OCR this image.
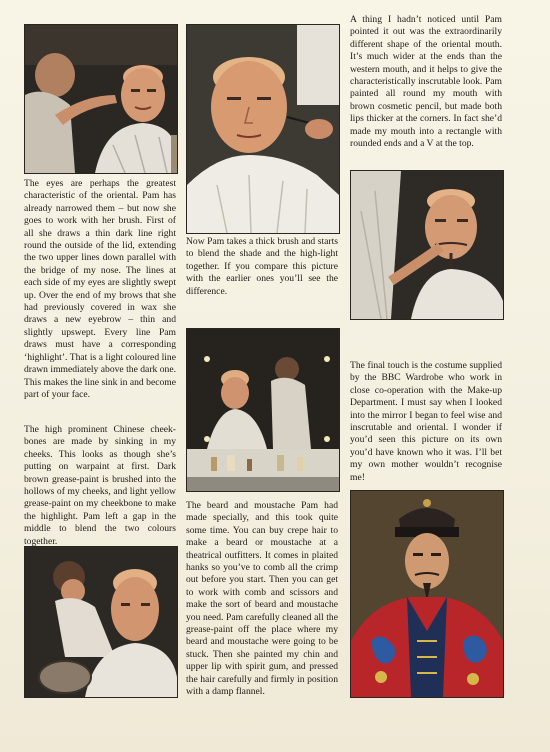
The eyes are perhaps the greatest characteristic of the oriental. Pam has already narrowed them – but now she goes to work with her brush. First of all she draws a thin dark line right round the outside of the lid, extending the two upper lines down parallel with the bridge of my nose. The lines at each side of my eyes are slightly swept up. Over the end of my brows that she had previously covered in wax she draws a new eyebrow – thin and slightly upswept. Every line Pam draws must have a corresponding ‘highlight’. That is a light coloured line drawn immediately above the dark one. This makes the line sink in and become part of your face.

The high prominent Chinese cheek-bones are made by sinking in my cheeks. This looks as though she’s putting on warpaint at first. Dark brown grease-paint is brushed into the hollows of my cheeks, and light yellow grease-paint on my cheekbone to make the highlight. Pam left a gap in the middle to blend the two colours together.

Now Pam takes a thick brush and starts to blend the shade and the high-light together. If you compare this picture with the earlier ones you’ll see the difference.

The beard and moustache Pam had made specially, and this took quite some time. You can buy crepe hair to make a beard or moustache at a theatrical outfitters. It comes in plaited hanks so you’ve to comb all the crimp out before you start. Then you can get to work with comb and scissors and make the sort of beard and moustache you need. Pam carefully cleaned all the grease-paint off the place where my beard and moustache were going to be stuck. Then she painted my chin and upper lip with spirit gum, and pressed the hair carefully and firmly in position with a damp flannel.

A thing I hadn’t noticed until Pam pointed it out was the extraordinarily different shape of the oriental mouth. It’s much wider at the ends than the western mouth, and it helps to give the characteristically inscrutable look. Pam painted all round my mouth with brown cosmetic pencil, but made both lips thicker at the corners. In fact she’d made my mouth into a rectangle with rounded ends and a V at the top.

The final touch is the costume supplied by the BBC Wardrobe who work in close co-operation with the Make-up Department. I must say when I looked into the mirror I began to feel wise and inscrutable and oriental. I wonder if you’d seen this picture on its own you’d have known who it was. I’ll bet my own mother wouldn’t recognise me!
